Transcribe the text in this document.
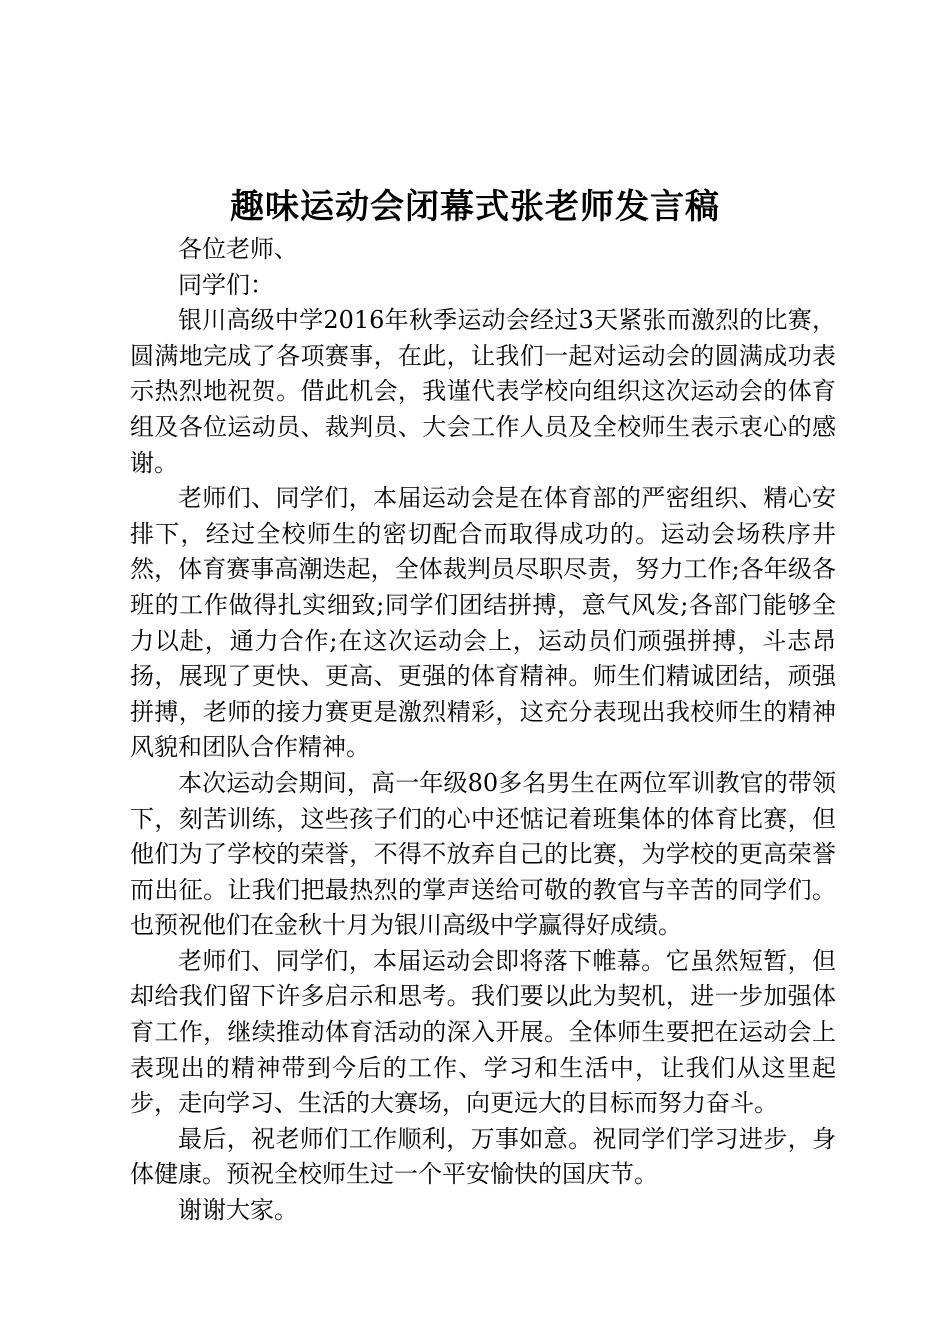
趣味运动会闭幕式张老师发言稿

各位老师、

同学们：

银川高级中学2016年秋季运动会经过3天紧张而激烈的比赛，圆满地完成了各项赛事，在此，让我们一起对运动会的圆满成功表示热烈地祝贺。借此机会，我谨代表学校向组织这次运动会的体育组及各位运动员、裁判员、大会工作人员及全校师生表示衷心的感谢。

老师们、同学们，本届运动会是在体育部的严密组织、精心安排下，经过全校师生的密切配合而取得成功的。运动会场秩序井然，体育赛事高潮迭起，全体裁判员尽职尽责，努力工作;各年级各班的工作做得扎实细致;同学们团结拼搏，意气风发;各部门能够全力以赴，通力合作;在这次运动会上，运动员们顽强拼搏，斗志昂扬，展现了更快、更高、更强的体育精神。师生们精诚团结，顽强拼搏，老师的接力赛更是激烈精彩，这充分表现出我校师生的精神风貌和团队合作精神。

本次运动会期间，高一年级80多名男生在两位军训教官的带领下，刻苦训练，这些孩子们的心中还惦记着班集体的体育比赛，但他们为了学校的荣誉，不得不放弃自己的比赛，为学校的更高荣誉而出征。让我们把最热烈的掌声送给可敬的教官与辛苦的同学们。也预祝他们在金秋十月为银川高级中学赢得好成绩。

老师们、同学们，本届运动会即将落下帷幕。它虽然短暂，但却给我们留下许多启示和思考。我们要以此为契机，进一步加强体育工作，继续推动体育活动的深入开展。全体师生要把在运动会上表现出的精神带到今后的工作、学习和生活中，让我们从这里起步，走向学习、生活的大赛场，向更远大的目标而努力奋斗。

最后，祝老师们工作顺利，万事如意。祝同学们学习进步，身体健康。预祝全校师生过一个平安愉快的国庆节。

谢谢大家。
